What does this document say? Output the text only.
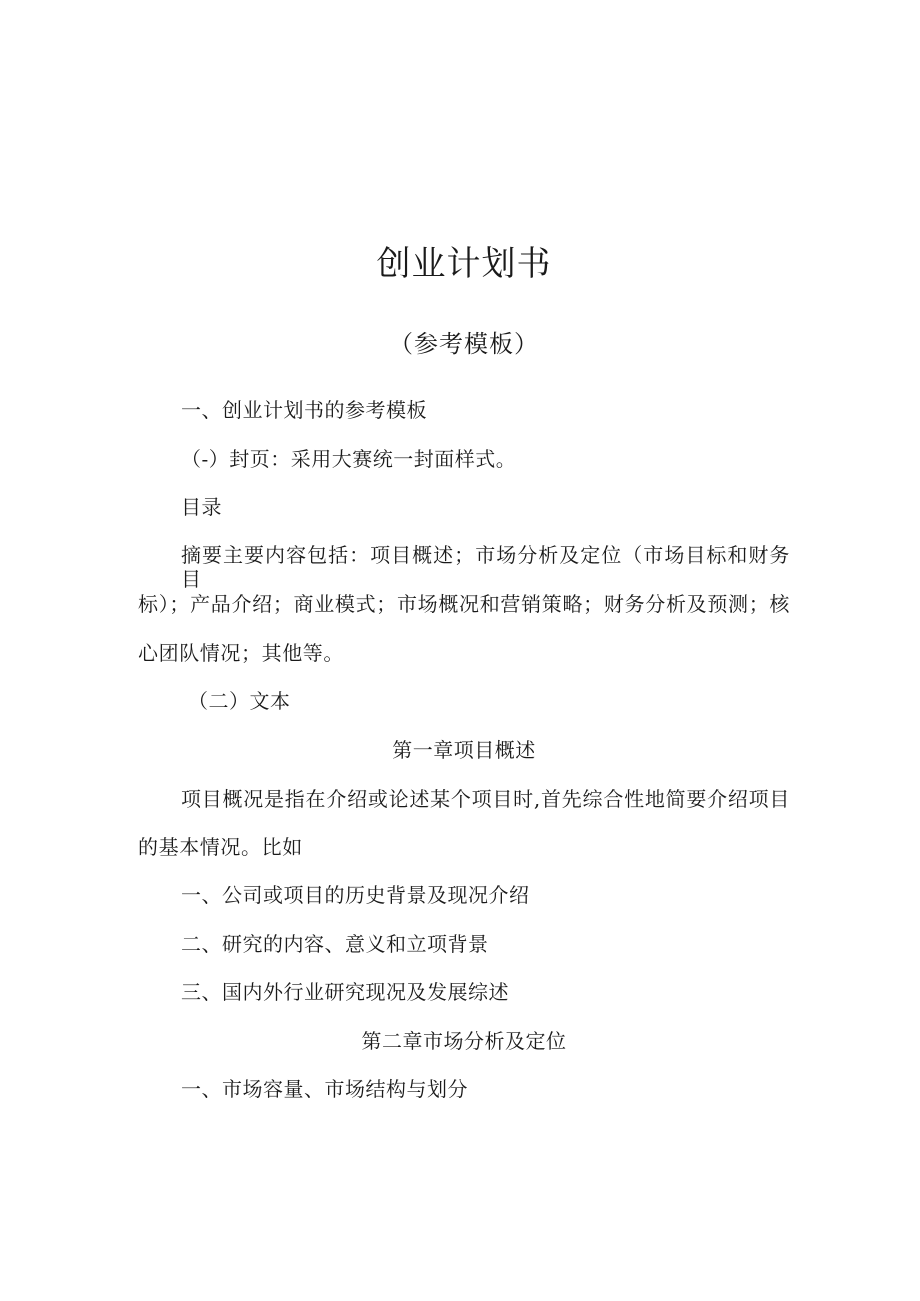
创业计划书
（参考模板）
一、创业计划书的参考模板
（-）封页：采用大赛统一封面样式。
目录
摘要主要内容包括：项目概述；市场分析及定位（市场目标和财务目
标）；产品介绍；商业模式；市场概况和营销策略；财务分析及预测；核
心团队情况；其他等。
（二）文本
第一章项目概述
项目概况是指在介绍或论述某个项目时,首先综合性地简要介绍项目
的基本情况。比如
一、公司或项目的历史背景及现况介绍
二、研究的内容、意义和立项背景
三、国内外行业研究现况及发展综述
第二章市场分析及定位
一、市场容量、市场结构与划分
